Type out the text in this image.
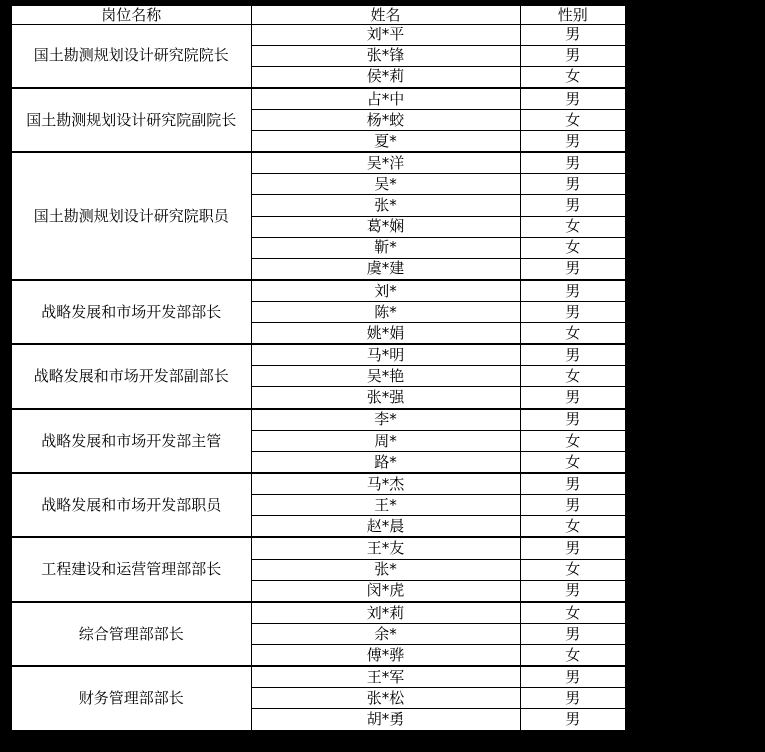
岗位名称	姓名	性别
国土勘测规划设计研究院院长	刘*平	男
	张*锋	男
	侯*莉	女
国土勘测规划设计研究院副院长	占*中	男
	杨*蛟	女
	夏*	男
国土勘测规划设计研究院职员	吴*洋	男
	吴*	男
	张*	男
	葛*娴	女
	靳*	女
	虞*建	男
战略发展和市场开发部部长	刘*	男
	陈*	男
	姚*娟	女
战略发展和市场开发部副部长	马*明	男
	吴*艳	女
	张*强	男
战略发展和市场开发部主管	李*	男
	周*	女
	路*	女
战略发展和市场开发部职员	马*杰	男
	王*	男
	赵*晨	女
工程建设和运营管理部部长	王*友	男
	张*	女
	闵*虎	男
综合管理部部长	刘*莉	女
	余*	男
	傅*骅	女
财务管理部部长	王*军	男
	张*松	男
	胡*勇	男
